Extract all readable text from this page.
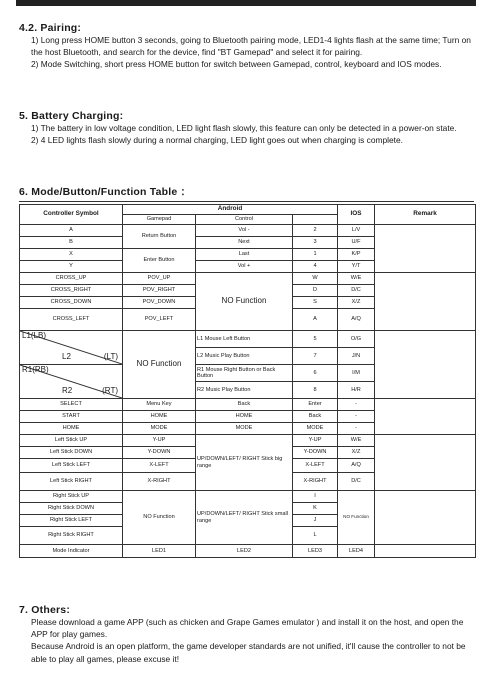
4.2. Pairing:
1) Long press HOME button 3 seconds, going to Bluetooth pairing mode, LED1-4 lights flash at the same time; Turn on the host Bluetooth, and search for the device, find "BT Gamepad" and select it for pairing.
2) Mode Switching, short press HOME button for switch between Gamepad, control, keyboard and IOS modes.
5. Battery Charging:
1) The battery in low voltage condition, LED light flash slowly, this feature can only be detected in a power-on state.
2) 4 LED lights flash slowly during a normal charging, LED light goes out when charging is complete.
6. Mode/Button/Function Table ：
Controller Symbol	Android			IOS	Remark
	Gamepad	Control			
A	Return Button	Vol -	2	L/V	
B		Next	3	U/F	
X	Enter Button	Last	1	K/P	
Y		Vol +	4	Y/T	
CROSS_UP	POV_UP	NO Function	W	W/E	
CROSS_RIGHT	POV_RIGHT		D	D/C	
CROSS_DOWN	POV_DOWN		S	X/Z	
CROSS_LEFT	POV_LEFT		A	A/Q	

L1(LB)
L2 (LT)	NO Function	L1 Mouse Left Button	5	O/G	
		L2 Music Play Button	7	J/N	

R1(RB)
R2 (RT)		R1 Mouse Right Button or Back Button	6	I/M	
		R2 Music Play Button	8	H/R	
SELECT	Menu Key	Back	Enter	-	
START	HOME	HOME	Back	-	
HOME	MODE	MODE	MODE	-	
Left Stick UP	Y-UP	UP/DOWN/LEFT/ RIGHT Stick big range	Y-UP	W/E	
Left Stick DOWN	Y-DOWN		Y-DOWN	X/Z	
Left Stick LEFT	X-LEFT		X-LEFT	A/Q	
Left Stick RIGHT	X-RIGHT		X-RIGHT	D/C	
Right Stick UP	NO Function	UP/DOWN/LEFT/ RIGHT Stick small range	I	NO Function	
Right Stick DOWN			K		
Right Stick LEFT			J		
Right Stick RIGHT			L		
Mode Indicator	LED1	LED2	LED3	LED4	
7. Others:
Please download a game APP (such as chicken and Grape Games emulator ) and install it on the host, and open the APP for play games.
Because Android is an open platform, the game developer standards are not unified, it'll cause the controller to not be able to play all games, please excuse it!
